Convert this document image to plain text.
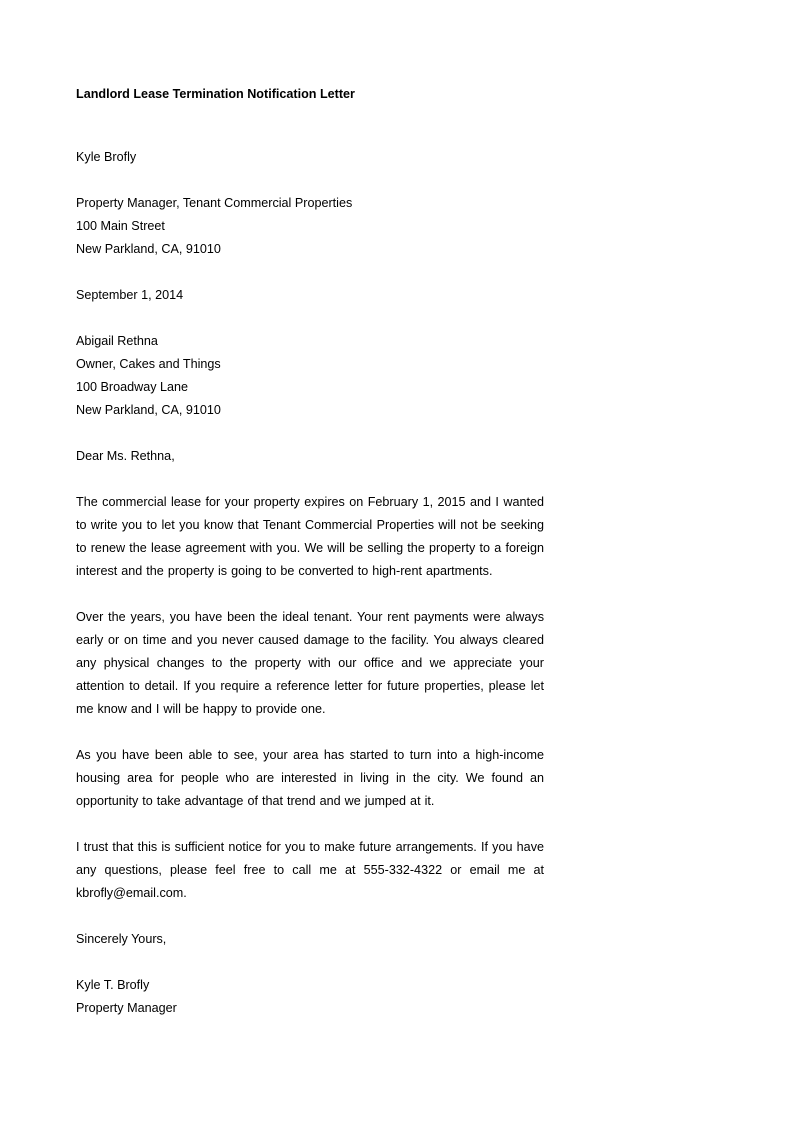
Landlord Lease Termination Notification Letter

Kyle Brofly

Property Manager, Tenant Commercial Properties

100 Main Street

New Parkland, CA, 91010

September 1, 2014

Abigail Rethna

Owner, Cakes and Things

100 Broadway Lane

New Parkland, CA, 91010

Dear Ms. Rethna,

The commercial lease for your property expires on February 1, 2015 and I wanted to write you to let you know that Tenant Commercial Properties will not be seeking to renew the lease agreement with you. We will be selling the property to a foreign interest and the property is going to be converted to high-rent apartments.

Over the years, you have been the ideal tenant. Your rent payments were always early or on time and you never caused damage to the facility. You always cleared any physical changes to the property with our office and we appreciate your attention to detail. If you require a reference letter for future properties, please let me know and I will be happy to provide one.

As you have been able to see, your area has started to turn into a high-income housing area for people who are interested in living in the city. We found an opportunity to take advantage of that trend and we jumped at it.

I trust that this is sufficient notice for you to make future arrangements. If you have any questions, please feel free to call me at 555-332-4322 or email me at kbrofly@email.com.

Sincerely Yours,

Kyle T. Brofly

Property Manager
